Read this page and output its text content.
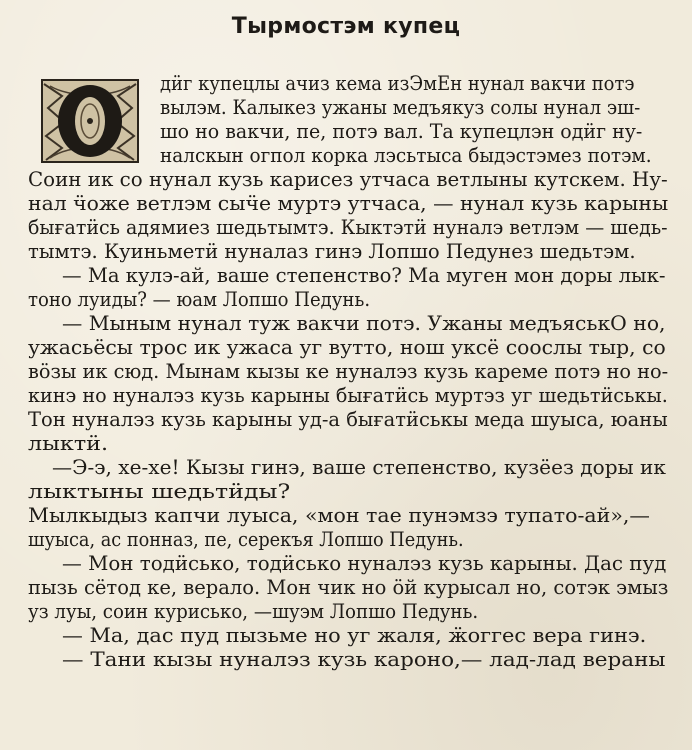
Тырмостэм купец

дӥг купецлы ачиз кема изЭмЕн нунал вакчи потэ

вылэм. Калыкез ужаны медъякуз солы нунал эш-

шо но вакчи, пе, потэ вал. Та купецлэн одӥг ну-

налскын огпол корка лэсьтыса быдэстэмез потэм.

Соин ик со нунал кузь карисез утчаса ветлыны кутскем. Ну-

нал ӵоже ветлэм сыӵе муртэ утчаса, — нунал кузь карыны

бығатӥсь адямиез шедьтымтэ. Кыктэтӥ нуналэ ветлэм — шедь-

тымтэ. Куиньметӥ нуналаз гинэ Лопшо Педунез шедьтэм.

— Ма кулэ-ай, ваше степенство? Ма муген мон доры лык-

тоно луиды? — юам Лопшо Педунь.

— Мыным нунал туж вакчи потэ. Ужаны медъяськО но,

ужасьёсы трос ик ужаса уг вутто, нош укcё сооcлы тыр, со

вöзы ик сюд. Мынам кызы ке нуналэз кузь кареме потэ но но-

кинэ но нуналэз кузь карыны бығатӥсь муртэз уг шедьтӥськы.

Тон нуналэз кузь карыны уд-а бығатӥськы меда шуыса, юаны

лыктӥ.

—Э-э, хе-хе! Кызы гинэ, ваше степенство, кузёез доры ик

лыктыны шедьтӥды?

Мылкыдыз капчи луыса, «мон тае пунэмзэ тупато-ай»,—

шуыса, ас понназ, пе, серекъя Лопшо Педунь.

— Мон тодӥсько, тодӥсько нуналэз кузь карыны. Дас пуд

пызь сётод ке, верало. Мон чик но ӧй курысал но, сотэк эмыз

уз луы, соин курисько, —шуэм Лопшо Педунь.

— Ма, дас пуд пызьме но уг жаля, ӝоггес вера гинэ.

— Тани кызы нуналэз кузь кароно,— лад-лад вераны
